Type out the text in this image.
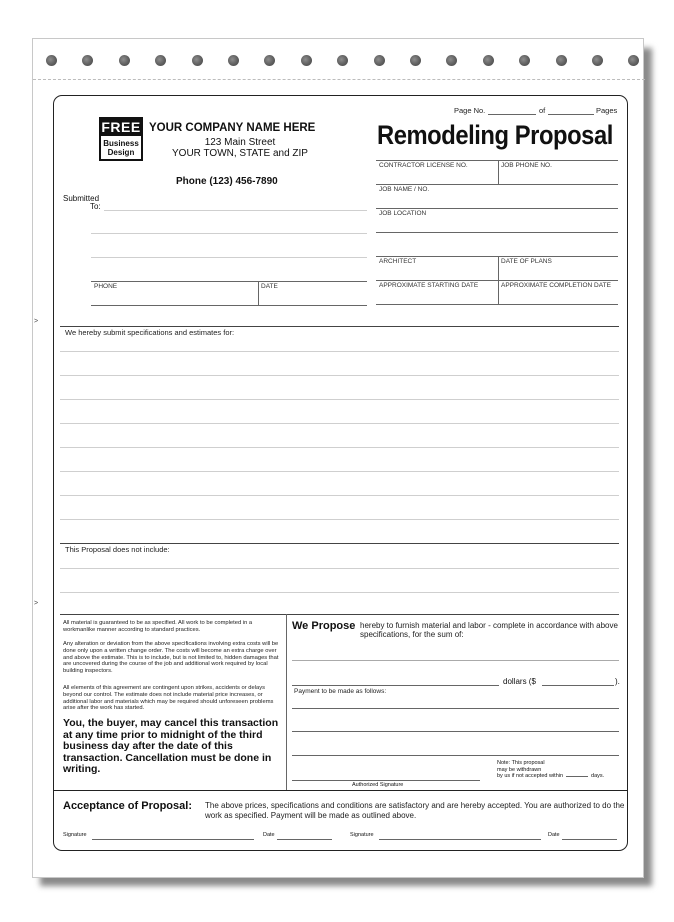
Page No.	of	Pages
FREE
Business
Design
YOUR COMPANY NAME HERE
123 Main Street
YOUR TOWN, STATE and ZIP
Phone (123) 456-7890
Remodeling Proposal
Submitted
To:
PHONE	DATE
CONTRACTOR LICENSE NO.	JOB PHONE NO.
JOB NAME / NO.
JOB LOCATION
ARCHITECT	DATE OF PLANS
APPROXIMATE STARTING DATE	APPROXIMATE COMPLETION DATE
>
We hereby submit specifications and estimates for:
This Proposal does not include:
>
All material is guaranteed to be as specified. All work to be completed in a workmanlike manner according to standard practices.
Any alteration or deviation from the above specifications involving extra costs will be done only upon a written change order. The costs will become an extra charge over and above the estimate. This is to include, but is not limited to, hidden damages that are uncovered during the course of the job and additional work required by local building inspectors.
All elements of this agreement are contingent upon strikes, accidents or delays beyond our control. The estimate does not include material price increases, or additional labor and materials which may be required should unforeseen problems arise after the work has started.
You, the buyer, may cancel this transaction at any time prior to midnight of the third business day after the date of this transaction. Cancellation must be done in writing.
We Propose hereby to furnish material and labor - complete in accordance with above specifications, for the sum of:
dollars ($	).
Payment to be made as follows:
Authorized Signature
Note: This proposal
may be withdrawn
by us if not accepted within	days.
Acceptance of Proposal: The above prices, specifications and conditions are satisfactory and are hereby accepted. You are authorized to do the work as specified. Payment will be made as outlined above.
Signature	Date	Signature	Date
